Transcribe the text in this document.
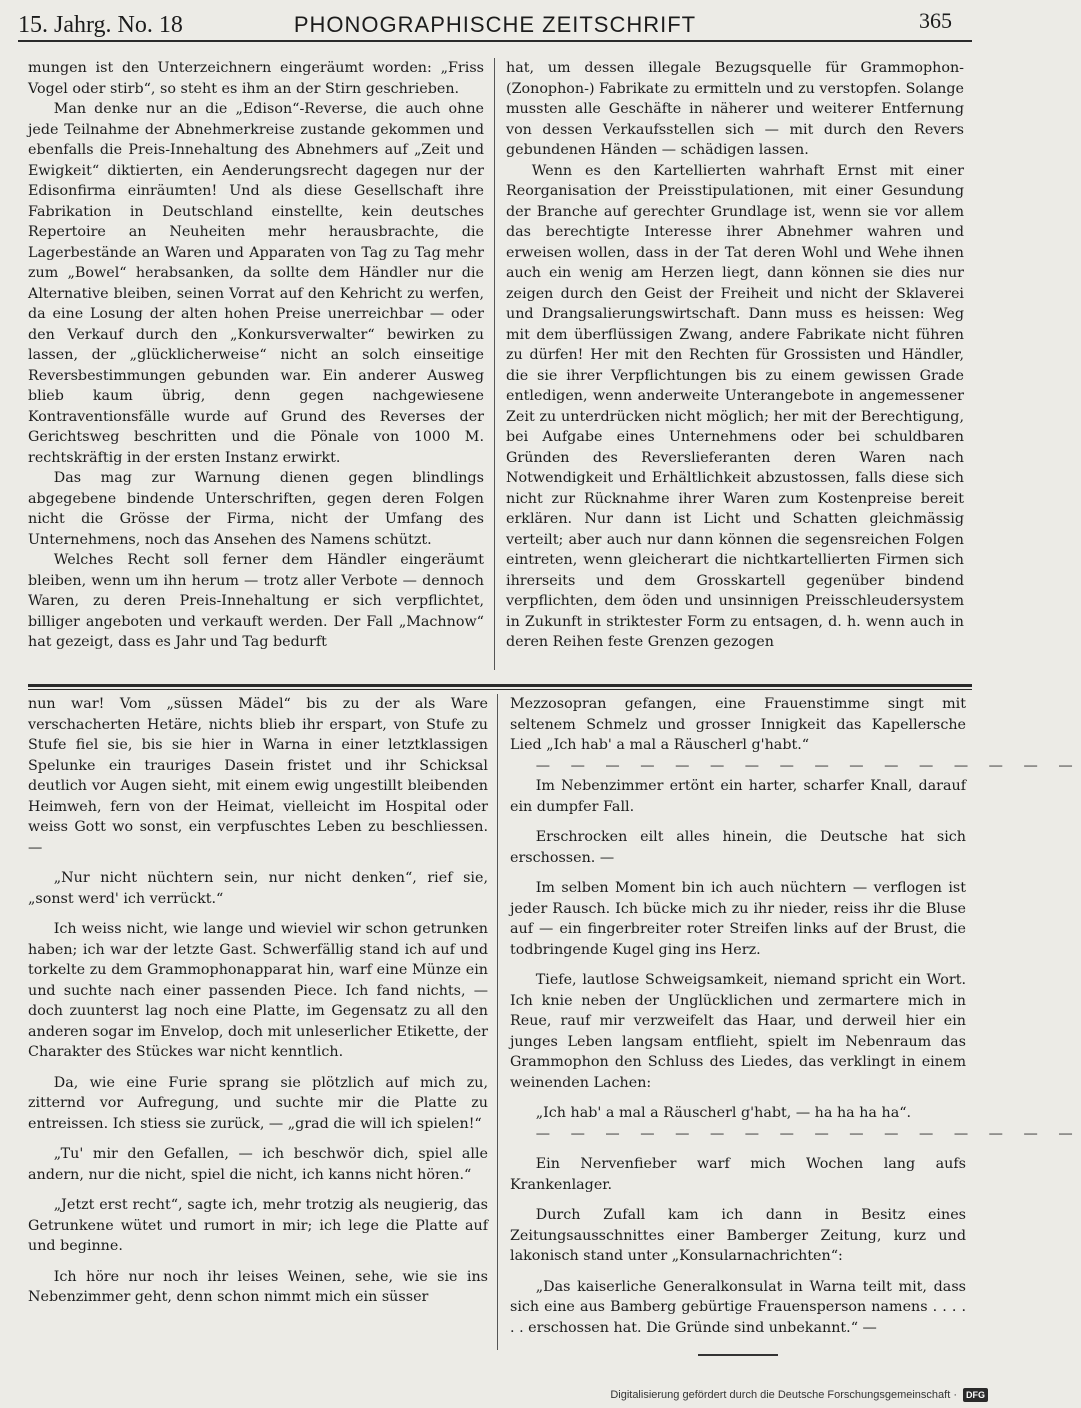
15. Jahrg. No. 18	PHONOGRAPHISCHE ZEITSCHRIFT	365

mungen ist den Unterzeichnern eingeräumt worden: „Friss Vogel oder stirb“, so steht es ihm an der Stirn geschrieben.

Man denke nur an die „Edison“-Reverse, die auch ohne jede Teilnahme der Abnehmerkreise zustande gekommen und ebenfalls die Preis-Innehaltung des Abnehmers auf „Zeit und Ewigkeit“ diktierten, ein Aenderungsrecht dagegen nur der Edisonfirma einräumten! Und als diese Gesellschaft ihre Fabrikation in Deutschland einstellte, kein deutsches Repertoire an Neuheiten mehr herausbrachte, die Lagerbestände an Waren und Apparaten von Tag zu Tag mehr zum „Bowel“ herabsanken, da sollte dem Händler nur die Alternative bleiben, seinen Vorrat auf den Kehricht zu werfen, da eine Losung der alten hohen Preise unerreichbar — oder den Verkauf durch den „Konkursverwalter“ bewirken zu lassen, der „glücklicherweise“ nicht an solch einseitige Reversbestimmungen gebunden war. Ein anderer Ausweg blieb kaum übrig, denn gegen nachgewiesene Kontraventionsfälle wurde auf Grund des Reverses der Gerichtsweg beschritten und die Pönale von 1000 M. rechtskräftig in der ersten Instanz erwirkt.

Das mag zur Warnung dienen gegen blindlings abgegebene bindende Unterschriften, gegen deren Folgen nicht die Grösse der Firma, nicht der Umfang des Unternehmens, noch das Ansehen des Namens schützt.

Welches Recht soll ferner dem Händler eingeräumt bleiben, wenn um ihn herum — trotz aller Verbote — dennoch Waren, zu deren Preis-Innehaltung er sich verpflichtet, billiger angeboten und verkauft werden. Der Fall „Machnow“ hat gezeigt, dass es Jahr und Tag bedurft

hat, um dessen illegale Bezugsquelle für Grammophon- (Zonophon-) Fabrikate zu ermitteln und zu verstopfen. Solange mussten alle Geschäfte in näherer und weiterer Entfernung von dessen Verkaufsstellen sich — mit durch den Revers gebundenen Händen — schädigen lassen.

Wenn es den Kartellierten wahrhaft Ernst mit einer Reorganisation der Preisstipulationen, mit einer Gesundung der Branche auf gerechter Grundlage ist, wenn sie vor allem das berechtigte Interesse ihrer Abnehmer wahren und erweisen wollen, dass in der Tat deren Wohl und Wehe ihnen auch ein wenig am Herzen liegt, dann können sie dies nur zeigen durch den Geist der Freiheit und nicht der Sklaverei und Drangsalierungswirtschaft. Dann muss es heissen: Weg mit dem überflüssigen Zwang, andere Fabrikate nicht führen zu dürfen! Her mit den Rechten für Grossisten und Händler, die sie ihrer Verpflichtungen bis zu einem gewissen Grade entledigen, wenn anderweite Unterangebote in angemessener Zeit zu unterdrücken nicht möglich; her mit der Berechtigung, bei Aufgabe eines Unternehmens oder bei schuldbaren Gründen des Reverslieferanten deren Waren nach Notwendigkeit und Erhältlichkeit abzustossen, falls diese sich nicht zur Rücknahme ihrer Waren zum Kostenpreise bereit erklären. Nur dann ist Licht und Schatten gleichmässig verteilt; aber auch nur dann können die segensreichen Folgen eintreten, wenn gleicherart die nichtkartellierten Firmen sich ihrerseits und dem Grosskartell gegenüber bindend verpflichten, dem öden und unsinnigen Preisschleudersystem in Zukunft in striktester Form zu entsagen, d. h. wenn auch in deren Reihen feste Grenzen gezogen

nun war! Vom „süssen Mädel“ bis zu der als Ware verschacherten Hetäre, nichts blieb ihr erspart, von Stufe zu Stufe fiel sie, bis sie hier in Warna in einer letztklassigen Spelunke ein trauriges Dasein fristet und ihr Schicksal deutlich vor Augen sieht, mit einem ewig ungestillt bleibenden Heimweh, fern von der Heimat, vielleicht im Hospital oder weiss Gott wo sonst, ein verpfuschtes Leben zu beschliessen. —

„Nur nicht nüchtern sein, nur nicht denken“, rief sie, „sonst werd' ich verrückt.“

Ich weiss nicht, wie lange und wieviel wir schon getrunken haben; ich war der letzte Gast. Schwerfällig stand ich auf und torkelte zu dem Grammophonapparat hin, warf eine Münze ein und suchte nach einer passenden Piece. Ich fand nichts, — doch zuunterst lag noch eine Platte, im Gegensatz zu all den anderen sogar im Envelop, doch mit unleserlicher Etikette, der Charakter des Stückes war nicht kenntlich.

Da, wie eine Furie sprang sie plötzlich auf mich zu, zitternd vor Aufregung, und suchte mir die Platte zu entreissen. Ich stiess sie zurück, — „grad die will ich spielen!“

„Tu' mir den Gefallen, — ich beschwör dich, spiel alle andern, nur die nicht, spiel die nicht, ich kanns nicht hören.“

„Jetzt erst recht“, sagte ich, mehr trotzig als neugierig, das Getrunkene wütet und rumort in mir; ich lege die Platte auf und beginne.

Ich höre nur noch ihr leises Weinen, sehe, wie sie ins Nebenzimmer geht, denn schon nimmt mich ein süsser

Mezzosopran gefangen, eine Frauenstimme singt mit seltenem Schmelz und grosser Innigkeit das Kapellersche Lied „Ich hab' a mal a Räuscherl g'habt.“

— — — — — — — — — — — — — — — —

Im Nebenzimmer ertönt ein harter, scharfer Knall, darauf ein dumpfer Fall.

Erschrocken eilt alles hinein, die Deutsche hat sich erschossen. —

Im selben Moment bin ich auch nüchtern — verflogen ist jeder Rausch. Ich bücke mich zu ihr nieder, reiss ihr die Bluse auf — ein fingerbreiter roter Streifen links auf der Brust, die todbringende Kugel ging ins Herz.

Tiefe, lautlose Schweigsamkeit, niemand spricht ein Wort. Ich knie neben der Unglücklichen und zermartere mich in Reue, rauf mir verzweifelt das Haar, und derweil hier ein junges Leben langsam entflieht, spielt im Nebenraum das Grammophon den Schluss des Liedes, das verklingt in einem weinenden Lachen:

„Ich hab' a mal a Räuscherl g'habt, — ha ha ha ha“.

— — — — — — — — — — — — — — — —

Ein Nervenfieber warf mich Wochen lang aufs Krankenlager.

Durch Zufall kam ich dann in Besitz eines Zeitungsausschnittes einer Bamberger Zeitung, kurz und lakonisch stand unter „Konsularnachrichten“:

„Das kaiserliche Generalkonsulat in Warna teilt mit, dass sich eine aus Bamberg gebürtige Frauensperson namens . . . . . . erschossen hat. Die Gründe sind unbekannt.“ —

Digitalisierung gefördert durch die Deutsche Forschungsgemeinschaft ·	DFG
